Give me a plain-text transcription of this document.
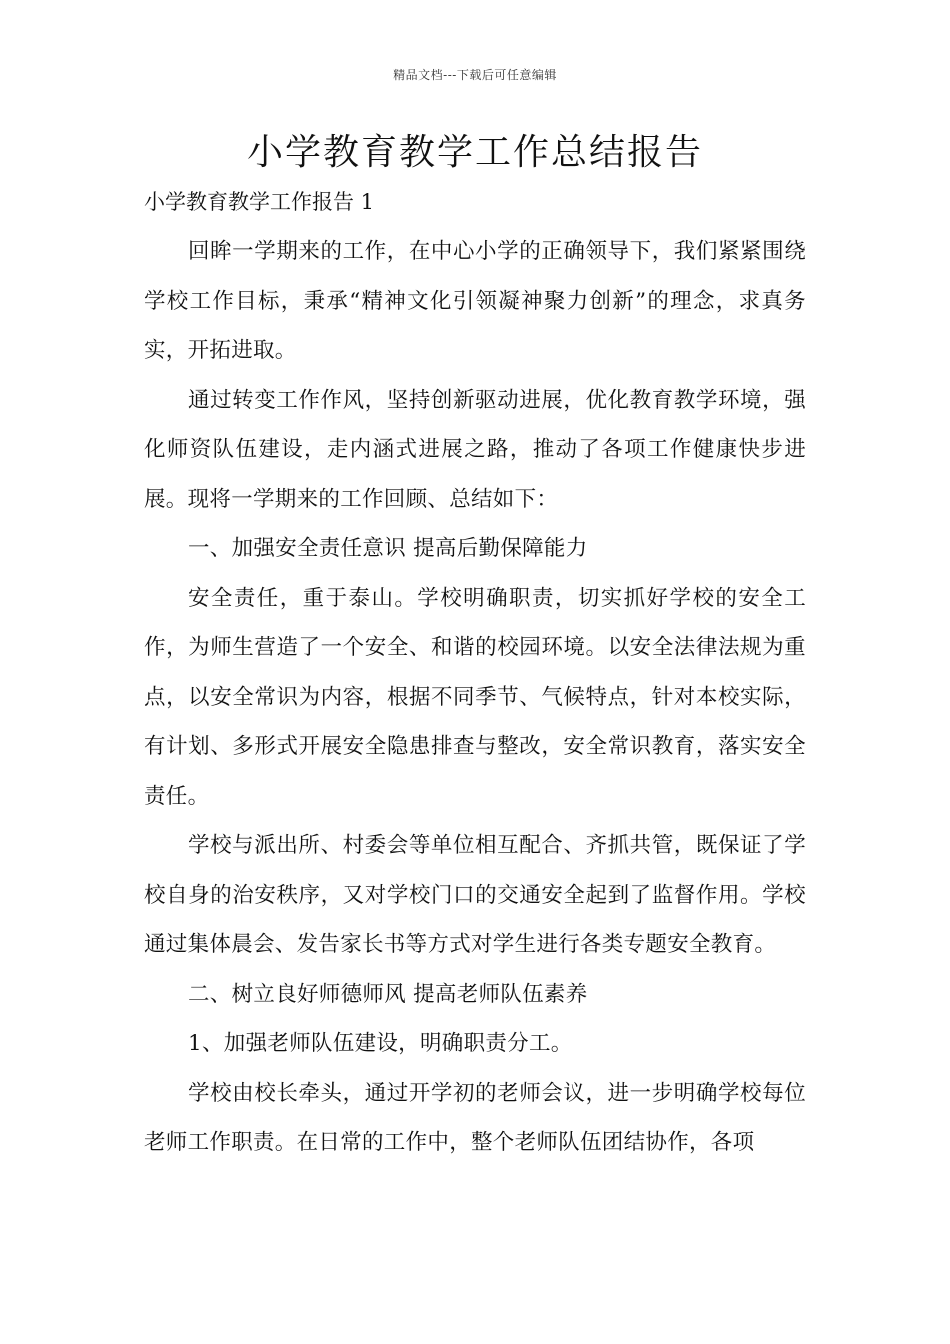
精品文档---下载后可任意编辑
小学教育教学工作总结报告
小学教育教学工作报告 1

回眸一学期来的工作，在中心小学的正确领导下，我们紧紧围绕学校工作目标，秉承“精神文化引领凝神聚力创新”的理念，求真务实，开拓进取。

通过转变工作作风，坚持创新驱动进展，优化教育教学环境，强化师资队伍建设，走内涵式进展之路，推动了各项工作健康快步进展。现将一学期来的工作回顾、总结如下：

一、加强安全责任意识 提高后勤保障能力

安全责任，重于泰山。学校明确职责，切实抓好学校的安全工作，为师生营造了一个安全、和谐的校园环境。以安全法律法规为重点，以安全常识为内容，根据不同季节、气候特点，针对本校实际，有计划、多形式开展安全隐患排查与整改，安全常识教育，落实安全责任。

学校与派出所、村委会等单位相互配合、齐抓共管，既保证了学校自身的治安秩序，又对学校门口的交通安全起到了监督作用。学校通过集体晨会、发告家长书等方式对学生进行各类专题安全教育。

二、树立良好师德师风 提高老师队伍素养

1、加强老师队伍建设，明确职责分工。

学校由校长牵头，通过开学初的老师会议，进一步明确学校每位老师工作职责。在日常的工作中，整个老师队伍团结协作，各项
